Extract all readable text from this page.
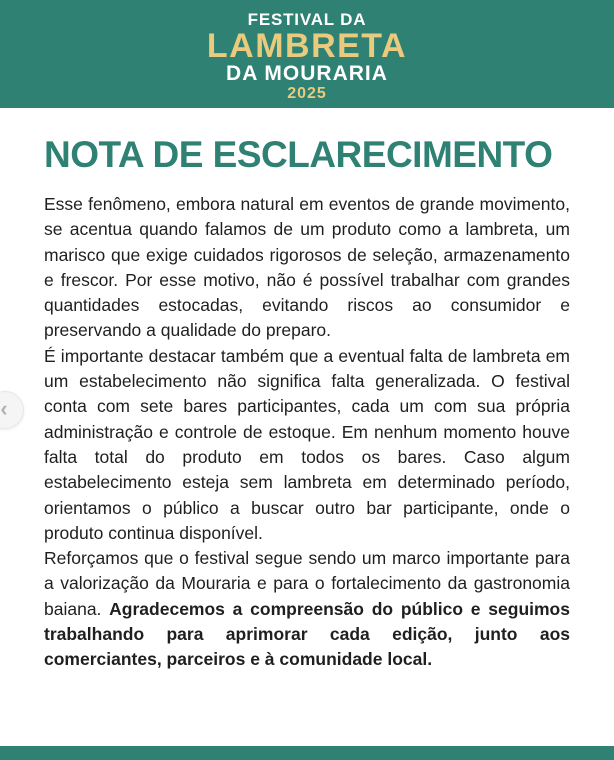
FESTIVAL DA
LAMBRETA
DA MOURARIA
2025
NOTA DE ESCLARECIMENTO

Esse fenômeno, embora natural em eventos de grande movimento, se acentua quando falamos de um produto como a lambreta, um marisco que exige cuidados rigorosos de seleção, armazenamento e frescor. Por esse motivo, não é possível trabalhar com grandes quantidades estocadas, evitando riscos ao consumidor e preservando a qualidade do preparo.

É importante destacar também que a eventual falta de lambreta em um estabelecimento não significa falta generalizada. O festival conta com sete bares participantes, cada um com sua própria administração e controle de estoque. Em nenhum momento houve falta total do produto em todos os bares. Caso algum estabelecimento esteja sem lambreta em determinado período, orientamos o público a buscar outro bar participante, onde o produto continua disponível.

Reforçamos que o festival segue sendo um marco importante para a valorização da Mouraria e para o fortalecimento da gastronomia baiana. Agradecemos a compreensão do público e seguimos trabalhando para aprimorar cada edição, junto aos comerciantes, parceiros e à comunidade local.

‹
